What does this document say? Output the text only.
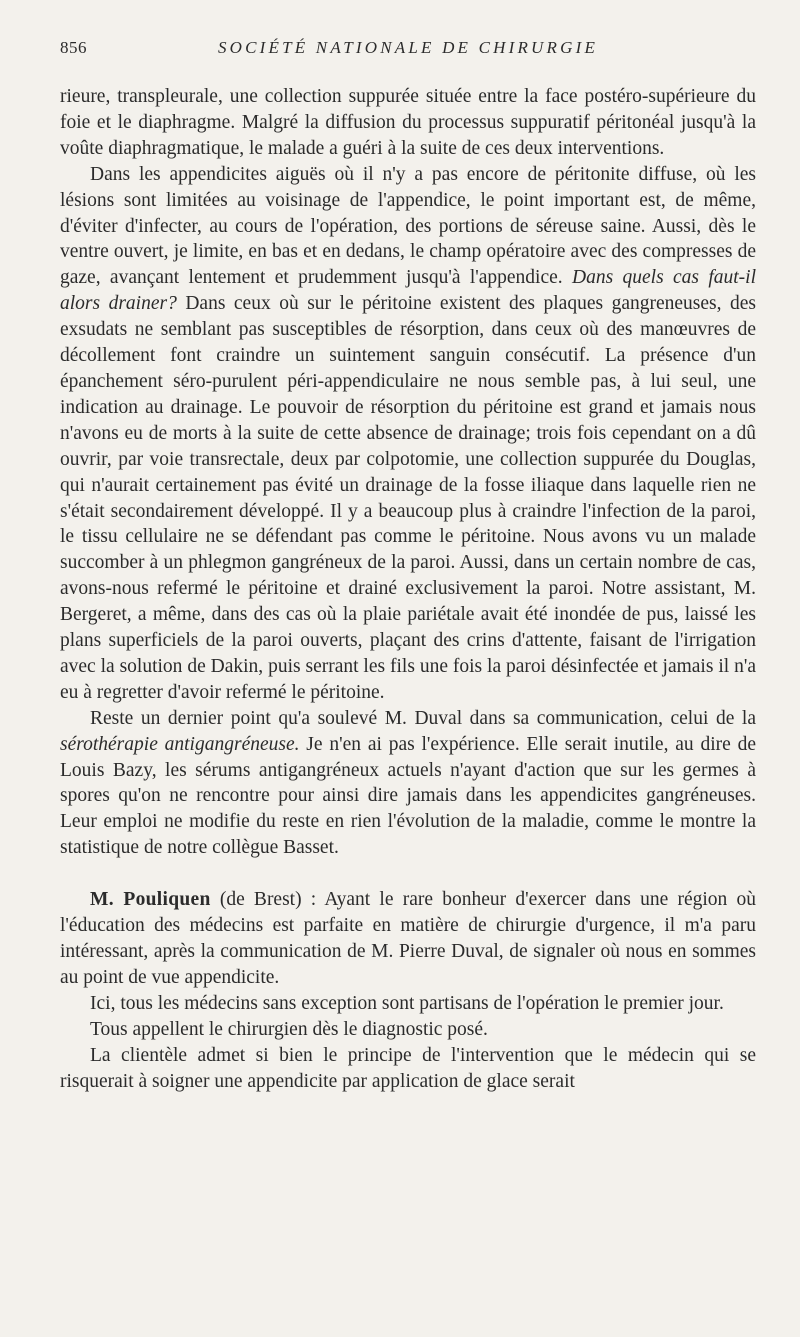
856	SOCIÉTÉ NATIONALE DE CHIRURGIE

rieure, transpleurale, une collection suppurée située entre la face postéro-supérieure du foie et le diaphragme. Malgré la diffusion du processus suppuratif péritonéal jusqu'à la voûte diaphragmatique, le malade a guéri à la suite de ces deux interventions.

Dans les appendicites aiguës où il n'y a pas encore de péritonite diffuse, où les lésions sont limitées au voisinage de l'appendice, le point important est, de même, d'éviter d'infecter, au cours de l'opération, des portions de séreuse saine. Aussi, dès le ventre ouvert, je limite, en bas et en dedans, le champ opératoire avec des compresses de gaze, avançant lentement et prudemment jusqu'à l'appendice. Dans quels cas faut-il alors drainer? Dans ceux où sur le péritoine existent des plaques gangreneuses, des exsudats ne semblant pas susceptibles de résorption, dans ceux où des manœuvres de décollement font craindre un suintement sanguin consécutif. La présence d'un épanchement séro-purulent péri-appendiculaire ne nous semble pas, à lui seul, une indication au drainage. Le pouvoir de résorption du péritoine est grand et jamais nous n'avons eu de morts à la suite de cette absence de drainage; trois fois cependant on a dû ouvrir, par voie transrectale, deux par colpotomie, une collection suppurée du Douglas, qui n'aurait certainement pas évité un drainage de la fosse iliaque dans laquelle rien ne s'était secondairement développé. Il y a beaucoup plus à craindre l'infection de la paroi, le tissu cellulaire ne se défendant pas comme le péritoine. Nous avons vu un malade succomber à un phlegmon gangréneux de la paroi. Aussi, dans un certain nombre de cas, avons-nous refermé le péritoine et drainé exclusivement la paroi. Notre assistant, M. Bergeret, a même, dans des cas où la plaie pariétale avait été inondée de pus, laissé les plans superficiels de la paroi ouverts, plaçant des crins d'attente, faisant de l'irrigation avec la solution de Dakin, puis serrant les fils une fois la paroi désinfectée et jamais il n'a eu à regretter d'avoir refermé le péritoine.

Reste un dernier point qu'a soulevé M. Duval dans sa communication, celui de la sérothérapie antigangréneuse. Je n'en ai pas l'expérience. Elle serait inutile, au dire de Louis Bazy, les sérums antigangréneux actuels n'ayant d'action que sur les germes à spores qu'on ne rencontre pour ainsi dire jamais dans les appendicites gangréneuses. Leur emploi ne modifie du reste en rien l'évolution de la maladie, comme le montre la statistique de notre collègue Basset.

M. Pouliquen (de Brest) : Ayant le rare bonheur d'exercer dans une région où l'éducation des médecins est parfaite en matière de chirurgie d'urgence, il m'a paru intéressant, après la communication de M. Pierre Duval, de signaler où nous en sommes au point de vue appendicite.

Ici, tous les médecins sans exception sont partisans de l'opération le premier jour.

Tous appellent le chirurgien dès le diagnostic posé.

La clientèle admet si bien le principe de l'intervention que le médecin qui se risquerait à soigner une appendicite par application de glace serait
